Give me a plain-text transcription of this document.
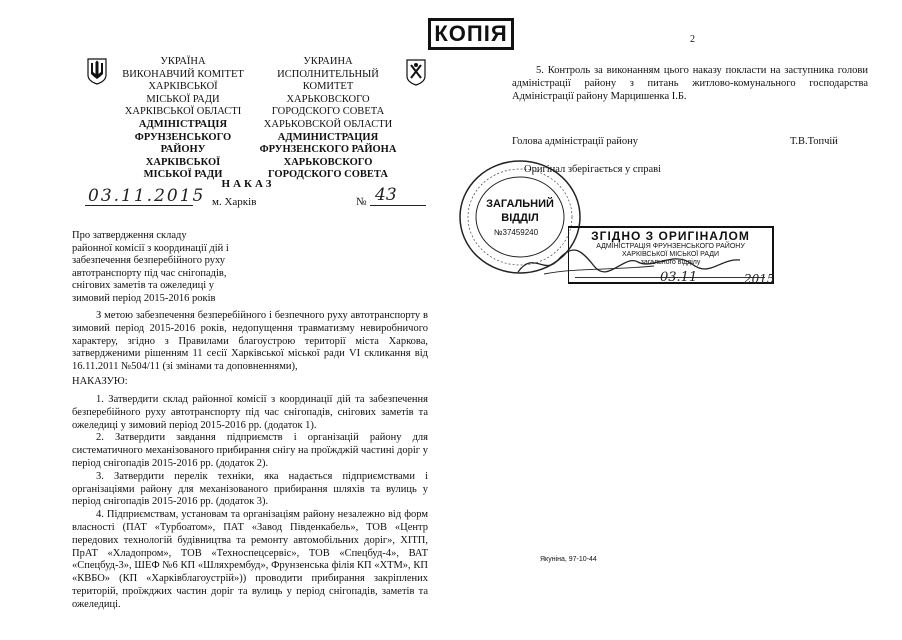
2
КОПІЯ
УКРАЇНА
ВИКОНАВЧИЙ КОМІТЕТ
ХАРКІВСЬКОЇ
МІСЬКОЇ РАДИ
ХАРКІВСЬКОЇ ОБЛАСТІ
АДМІНІСТРАЦІЯ
ФРУНЗЕНСЬКОГО
РАЙОНУ
ХАРКІВСЬКОЇ
МІСЬКОЇ РАДИ
УКРАИНА
ИСПОЛНИТЕЛЬНЫЙ
КОМИТЕТ
ХАРЬКОВСКОГО
ГОРОДСКОГО СОВЕТА
ХАРЬКОВСКОЙ ОБЛАСТИ
АДМИНИСТРАЦИЯ
ФРУНЗЕНСКОГО РАЙОНА
ХАРЬКОВСКОГО
ГОРОДСКОГО СОВЕТА
НАКАЗ
03.11.2015 м. Харків	№ 43
Про затвердження складу
районної комісії з координації дій і
забезпечення безперебійного руху
автотранспорту під час снігопадів,
снігових заметів та ожеледиці у
зимовий період 2015-2016 років
З метою забезпечення безперебійного і безпечного руху автотранспорту в зимовий період 2015-2016 років, недопущення травматизму невиробничого характеру, згідно з Правилами благоустрою території міста Харкова, затвердженими рішенням 11 сесії Харківської міської ради VI скликання від 16.11.2011 №504/11 (зі змінами та доповненнями),
НАКАЗУЮ:

1. Затвердити склад районної комісії з координації дій та забезпечення безперебійного руху автотранспорту під час снігопадів, снігових заметів та ожеледиці у зимовий період 2015-2016 рр. (додаток 1).

2. Затвердити завдання підприємств і організацій району для систематичного механізованого прибирання снігу на проїжджій частині доріг у період снігопадів 2015-2016 рр. (додаток 2).

3. Затвердити перелік техніки, яка надається підприємствами і організаціями району для механізованого прибирання шляхів та вулиць у період снігопадів 2015-2016 рр. (додаток 3).

4. Підприємствам, установам та організаціям району незалежно від форм власності (ПАТ «Турбоатом», ПАТ «Завод Південкабель», ТОВ «Центр передових технологій будівництва та ремонту автомобільних доріг», ХІТП, ПрАТ «Хладопром», ТОВ «Техноспецсервіс», ТОВ «Спецбуд-4», ВАТ «Спецбуд-3», ШЕФ №6 КП «Шляхрембуд», Фрунзенська філія КП «ХТМ», КП «КВБО» (КП «Харківблагоустрій»)) проводити прибирання закріплених територій, проїжджих частин доріг та вулиць у період снігопадів, заметів та ожеледиці.

5. Контроль за виконанням цього наказу покласти на заступника голови адміністрації району з питань житлово-комунального господарства Адміністрації району Марцишенка І.Б.
Голова адміністрації району	Т.В.Топчій
ЗАГАЛЬНИЙ
ВІДДІЛ
№37459240
Оригінал зберігається у справі
ЗГІДНО З ОРИГІНАЛОМ
АДМІНІСТРАЦІЯ ФРУНЗЕНСЬКОГО РАЙОНУ
ХАРКІВСЬКОЇ МІСЬКОЇ РАДИ
загального відділу
03.11	2015
Якуніна, 97-10-44
